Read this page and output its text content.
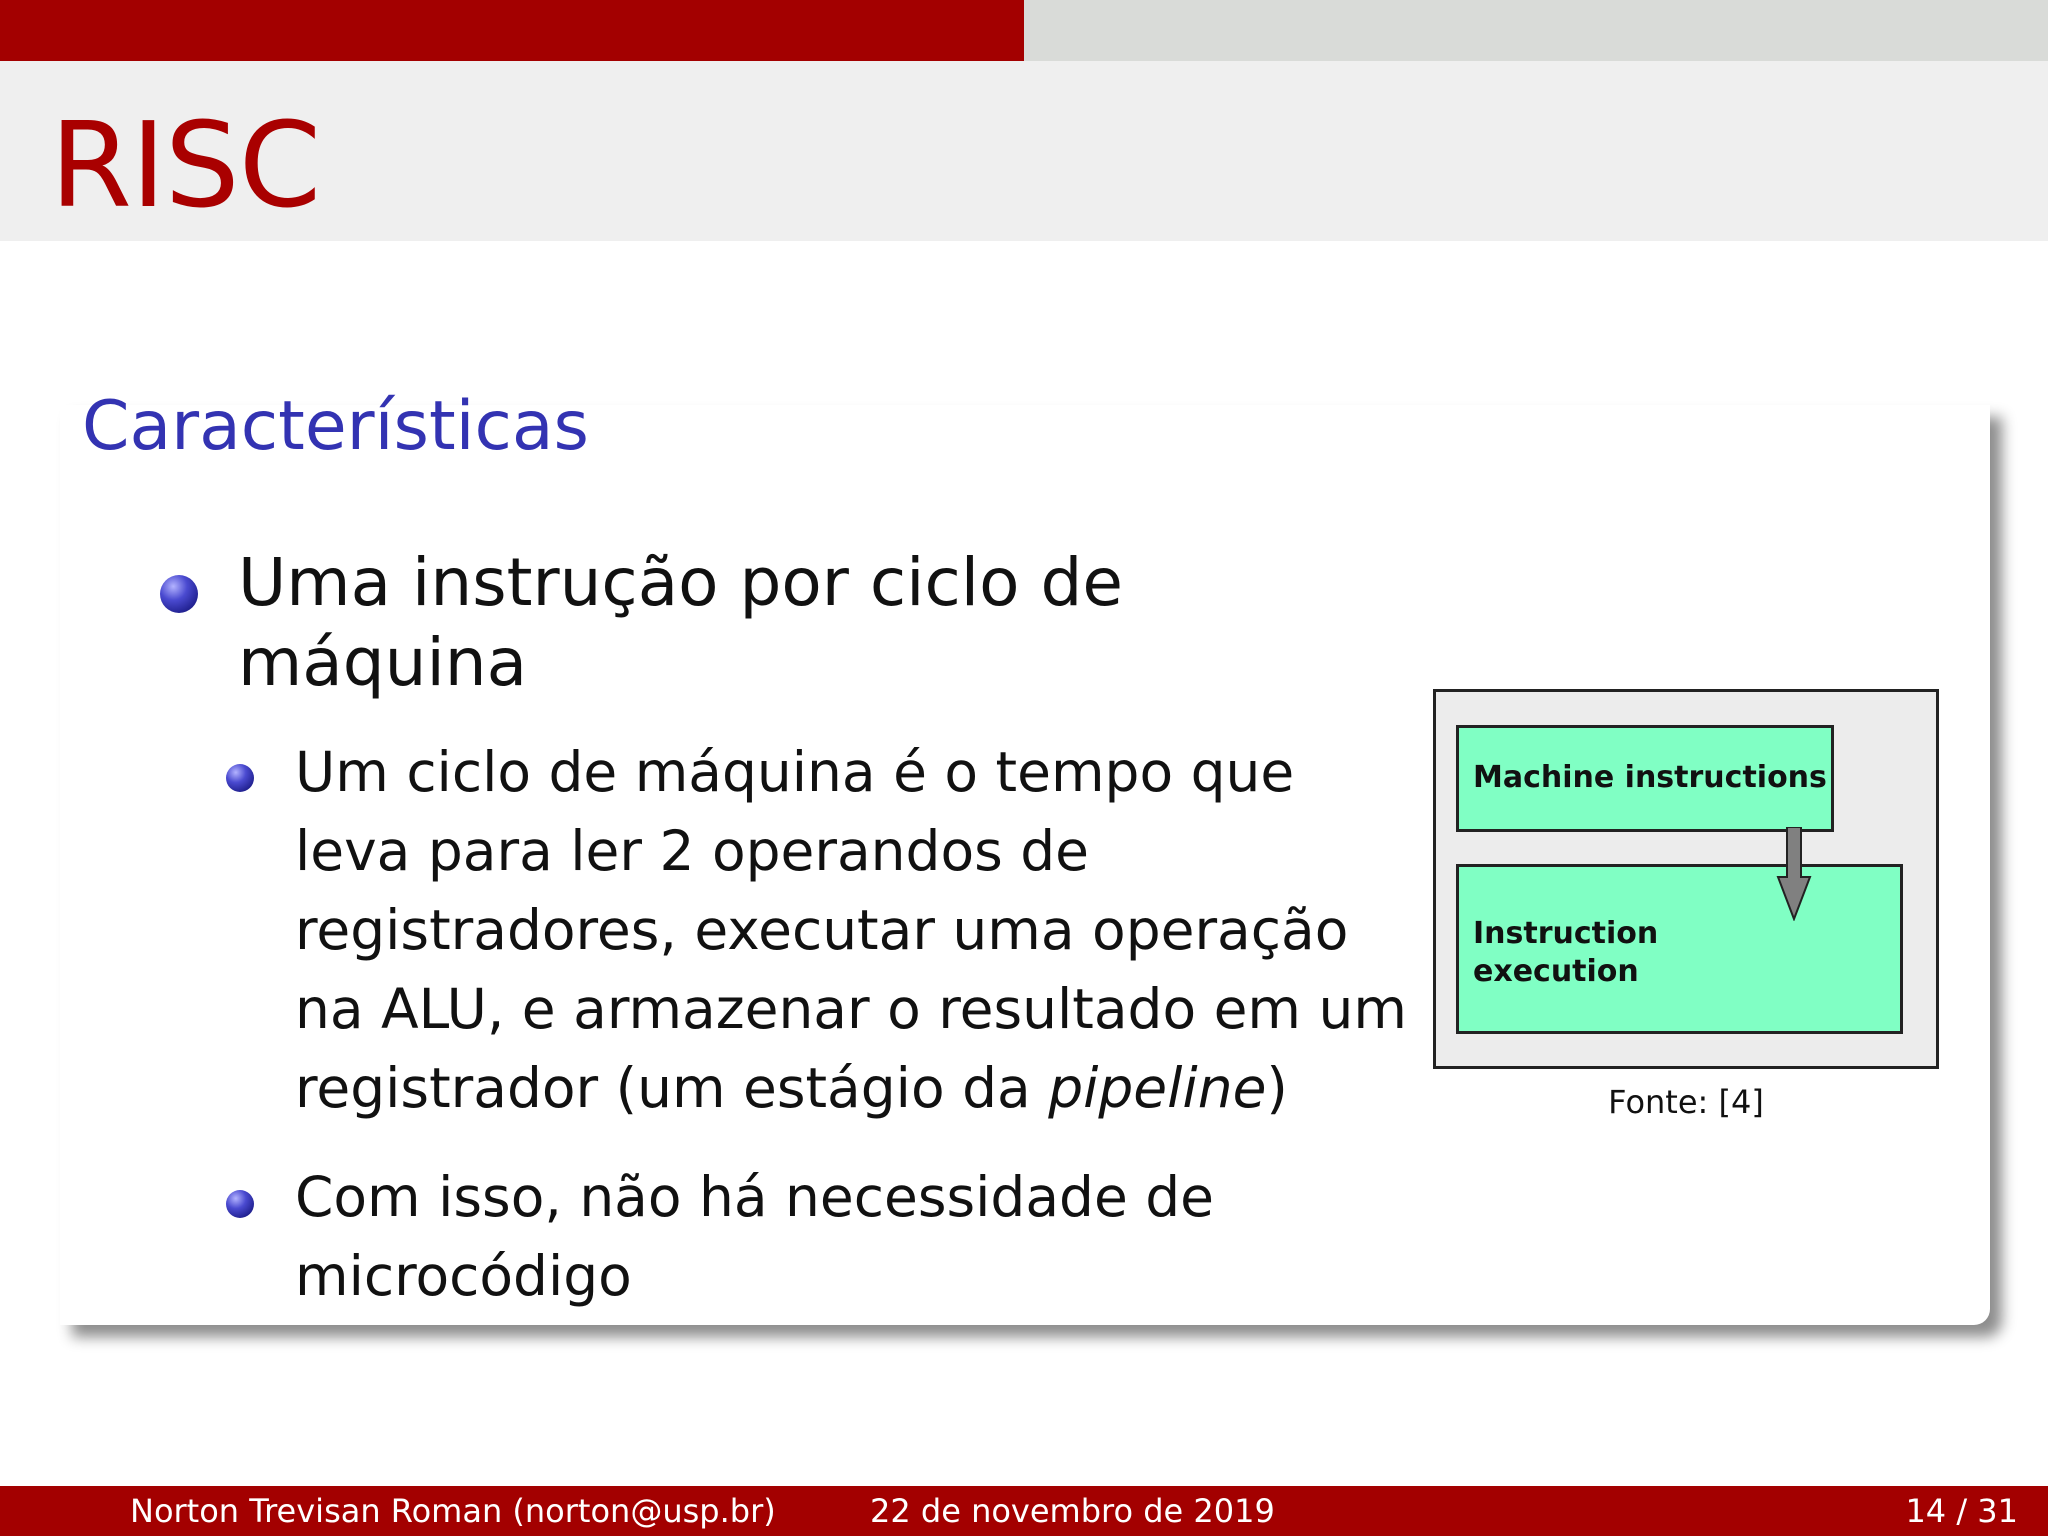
RISC
Características
Uma instrução por ciclo de máquina
Um ciclo de máquina é o tempo que leva para ler 2 operandos de registradores, executar uma operação na ALU, e armazenar o resultado em um registrador (um estágio da pipeline)
Com isso, não há necessidade de microcódigo
Instruction execution
Machine instructions
Fonte: [4]
Norton Trevisan Roman (norton@usp.br)	22 de novembro de 2019	14 / 31
